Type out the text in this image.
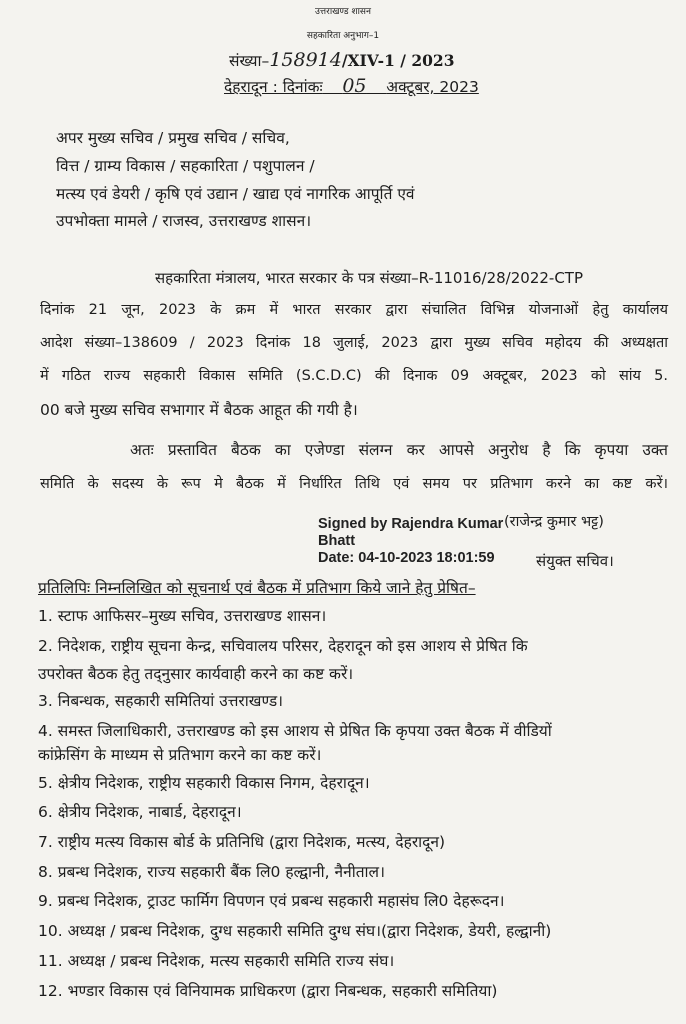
उत्तराखण्ड शासन
सहकारिता अनुभाग–1
संख्या–158914/XIV-1 / 2023
देहरादून : दिनांकः 05 अक्टूबर, 2023
अपर मुख्य सचिव / प्रमुख सचिव / सचिव,
वित्त / ग्राम्य विकास / सहकारिता / पशुपालन /
मत्स्य एवं डेयरी / कृषि एवं उद्यान / खाद्य एवं नागरिक आपूर्ति एवं
उपभोक्ता मामले / राजस्व, उत्तराखण्ड शासन।
सहकारिता मंत्रालय, भारत सरकार के पत्र संख्या–R-11016/28/2022-CTP
दिनांक 21 जून, 2023 के क्रम में भारत सरकार द्वारा संचालित विभिन्न योजनाओं हेतु कार्यालय
आदेश संख्या–138609 / 2023 दिनांक 18 जुलाई, 2023 द्वारा मुख्य सचिव महोदय की अध्यक्षता
में गठित राज्य सहकारी विकास समिति (S.C.D.C) की दिनाक 09 अक्टूबर, 2023 को सांय 5.
00 बजे मुख्य सचिव सभागार में बैठक आहूत की गयी है।
अतः प्रस्तावित बैठक का एजेण्डा संलग्न कर आपसे अनुरोध है कि कृपया उक्त
समिति के सदस्य के रूप मे बैठक में निर्धारित तिथि एवं समय पर प्रतिभाग करने का कष्ट करें।
Signed by Rajendra Kumar (राजेन्द्र कुमार भट्ट)
Bhatt
Date: 04-10-2023 18:01:59	संयुक्त सचिव।
प्रतिलिपिः निम्नलिखित को सूचनार्थ एवं बैठक में प्रतिभाग किये जाने हेतु प्रेषित–
1. स्टाफ आफिसर–मुख्य सचिव, उत्तराखण्ड शासन।
2. निदेशक, राष्ट्रीय सूचना केन्द्र, सचिवालय परिसर, देहरादून को इस आशय से प्रेषित कि
उपरोक्त बैठक हेतु तद्नुसार कार्यवाही करने का कष्ट करें।
3. निबन्धक, सहकारी समितियां उत्तराखण्ड।
4. समस्त जिलाधिकारी, उत्तराखण्ड को इस आशय से प्रेषित कि कृपया उक्त बैठक में वीडियों
कांफ्रेसिंग के माध्यम से प्रतिभाग करने का कष्ट करें।
5. क्षेत्रीय निदेशक, राष्ट्रीय सहकारी विकास निगम, देहरादून।
6. क्षेत्रीय निदेशक, नाबार्ड, देहरादून।
7. राष्ट्रीय मत्स्य विकास बोर्ड के प्रतिनिधि (द्वारा निदेशक, मत्स्य, देहरादून)
8. प्रबन्ध निदेशक, राज्य सहकारी बैंक लि0 हल्द्वानी, नैनीताल।
9. प्रबन्ध निदेशक, ट्राउट फार्मिग विपणन एवं प्रबन्ध सहकारी महासंघ लि0 देहरूदन।
10. अध्यक्ष / प्रबन्ध निदेशक, दुग्ध सहकारी समिति दुग्ध संघ।(द्वारा निदेशक, डेयरी, हल्द्वानी)
11. अध्यक्ष / प्रबन्ध निदेशक, मत्स्य सहकारी समिति राज्य संघ।
12. भण्डार विकास एवं विनियामक प्राधिकरण (द्वारा निबन्धक, सहकारी समितिया)
